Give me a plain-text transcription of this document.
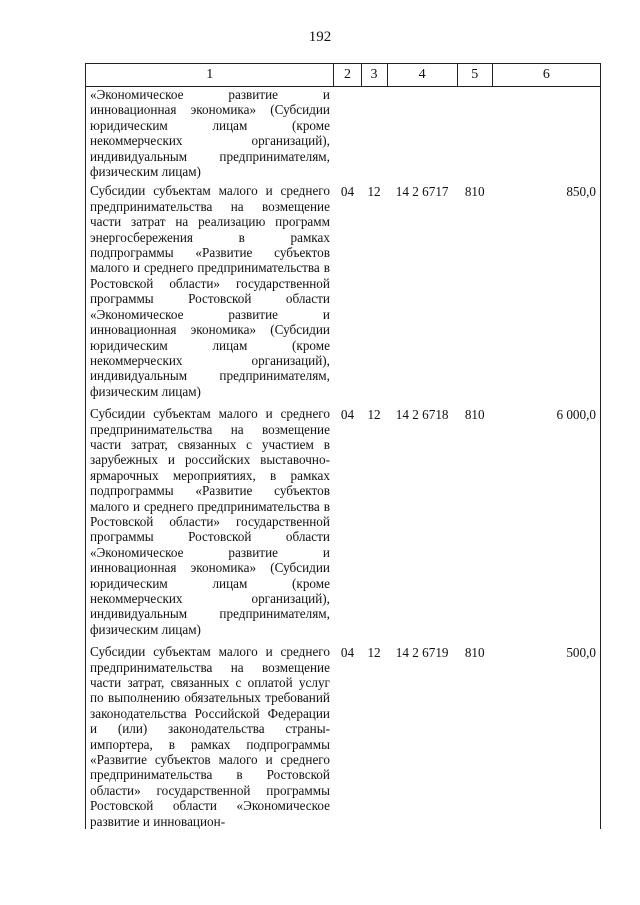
192
1	2	3	4	5	6
«Экономическое развитие и инновационная экономика» (Субсидии юридическим лицам (кроме некоммерческих организаций), индивидуальным предпринимателям, физическим лицам)					
Субсидии субъектам малого и среднего предпринимательства на возмещение части затрат на реализацию программ энергосбережения в рамках подпрограммы «Развитие субъектов малого и среднего предпринимательства в Ростовской области» государственной программы Ростовской области «Экономическое развитие и инновационная экономика» (Субсидии юридическим лицам (кроме некоммерческих организаций), индивидуальным предпринимателям, физическим лицам)	04	12	14 2 6717	810	850,0
Субсидии субъектам малого и среднего предпринимательства на возмещение части затрат, связанных с участием в зарубежных и российских выставочно-ярмарочных мероприятиях, в рамках подпрограммы «Развитие субъектов малого и среднего предпринимательства в Ростовской области» государственной программы Ростовской области «Экономическое развитие и инновационная экономика» (Субсидии юридическим лицам (кроме некоммерческих организаций), индивидуальным предпринимателям, физическим лицам)	04	12	14 2 6718	810	6 000,0
Субсидии субъектам малого и среднего предпринимательства на возмещение части затрат, связанных с оплатой услуг по выполнению обязательных требований законодательства Российской Федерации и (или) законодательства страны-импортера, в рамках подпрограммы «Развитие субъектов малого и среднего предпринимательства в Ростовской области» государственной программы Ростовской области «Экономическое развитие и инновацион-	04	12	14 2 6719	810	500,0
